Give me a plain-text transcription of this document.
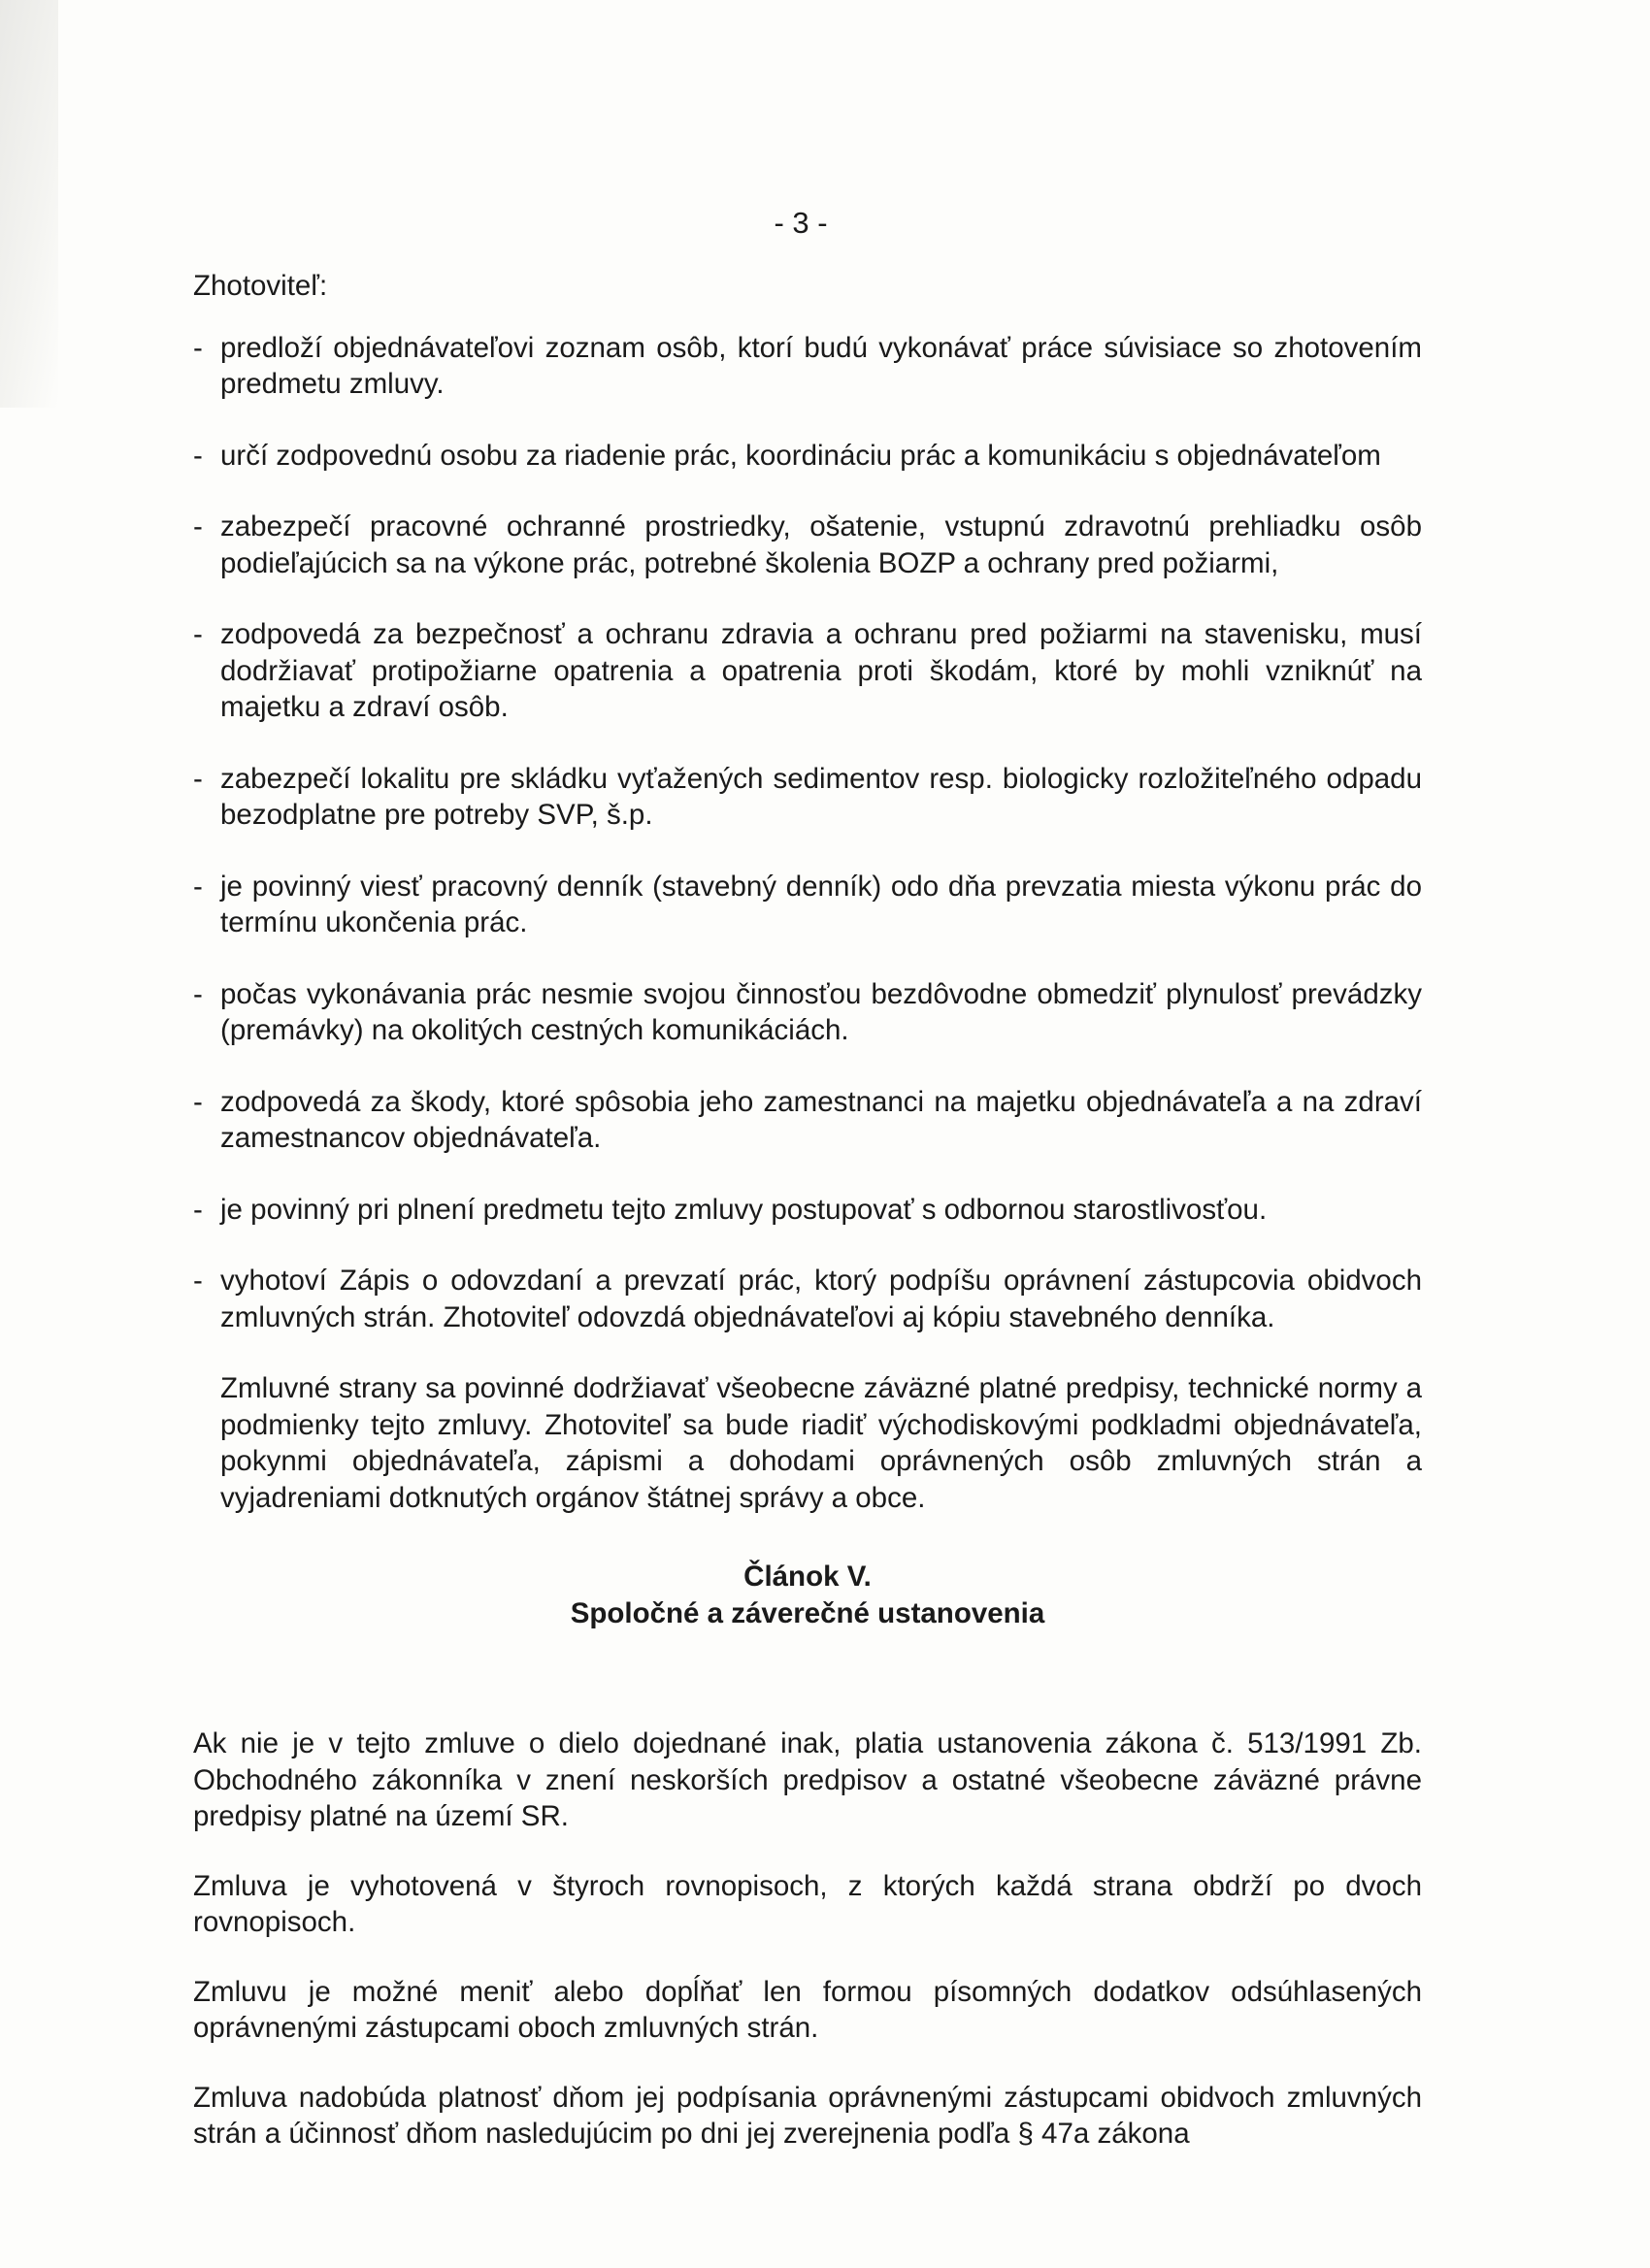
- 3 -
Zhotoviteľ:
- predloží objednávateľovi zoznam osôb, ktorí budú vykonávať práce súvisiace so zhotovením predmetu zmluvy.
- určí zodpovednú osobu za riadenie prác, koordináciu prác a komunikáciu s objednávateľom
- zabezpečí pracovné ochranné prostriedky, ošatenie, vstupnú zdravotnú prehliadku osôb podieľajúcich sa na výkone prác, potrebné školenia BOZP a ochrany pred požiarmi,
- zodpovedá za bezpečnosť a ochranu zdravia a ochranu pred požiarmi na stavenisku, musí dodržiavať protipožiarne opatrenia a opatrenia proti škodám, ktoré by mohli vzniknúť na majetku a zdraví osôb.
- zabezpečí lokalitu pre skládku vyťažených sedimentov resp. biologicky rozložiteľného odpadu bezodplatne pre potreby SVP, š.p.
- je povinný viesť pracovný denník (stavebný denník) odo dňa prevzatia miesta výkonu prác do termínu ukončenia prác.
- počas vykonávania prác nesmie svojou činnosťou bezdôvodne obmedziť plynulosť prevádzky (premávky) na okolitých cestných komunikáciách.
- zodpovedá za škody, ktoré spôsobia jeho zamestnanci na majetku objednávateľa a na zdraví zamestnancov objednávateľa.
- je povinný pri plnení predmetu tejto zmluvy postupovať s odbornou starostlivosťou.
- vyhotoví Zápis o odovzdaní a prevzatí prác, ktorý podpíšu oprávnení zástupcovia obidvoch zmluvných strán. Zhotoviteľ odovzdá objednávateľovi aj kópiu stavebného denníka.
Zmluvné strany sa povinné dodržiavať všeobecne záväzné platné predpisy, technické normy a podmienky tejto zmluvy. Zhotoviteľ sa bude riadiť východiskovými podkladmi objednávateľa, pokynmi objednávateľa, zápismi a dohodami oprávnených osôb zmluvných strán a vyjadreniami dotknutých orgánov štátnej správy a obce.
Článok V.
Spoločné a záverečné ustanovenia
Ak nie je v tejto zmluve o dielo dojednané inak, platia ustanovenia zákona č. 513/1991 Zb. Obchodného zákonníka v znení neskorších predpisov a ostatné všeobecne záväzné právne predpisy platné na území SR.
Zmluva je vyhotovená v štyroch rovnopisoch, z ktorých každá strana obdrží po dvoch rovnopisoch.
Zmluvu je možné meniť alebo dopĺňať len formou písomných dodatkov odsúhlasených oprávnenými zástupcami oboch zmluvných strán.
Zmluva nadobúda platnosť dňom jej podpísania oprávnenými zástupcami obidvoch zmluvných strán a účinnosť dňom nasledujúcim po dni jej zverejnenia podľa § 47a zákona
